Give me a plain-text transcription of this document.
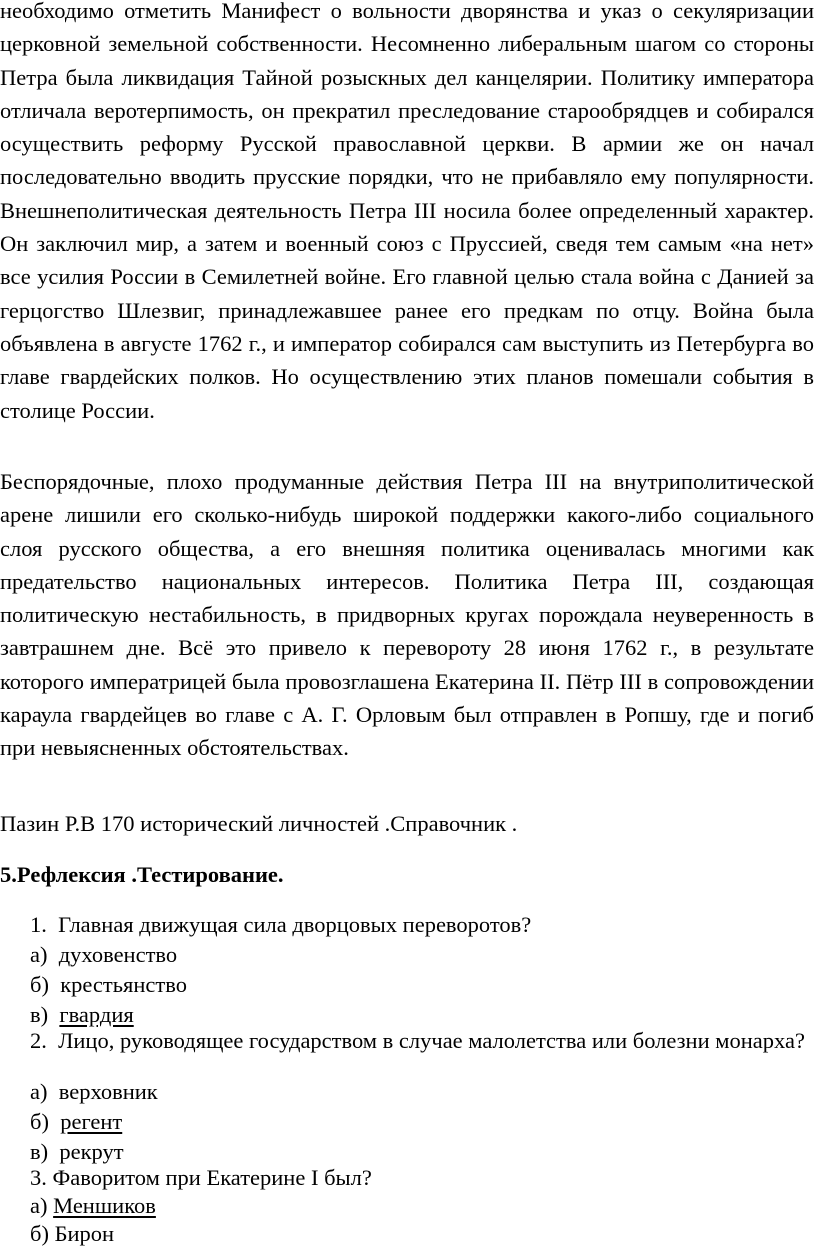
необходимо отметить Манифест о вольности дворянства и указ о секуляризации церковной земельной собственности. Несомненно либеральным шагом со стороны Петра была ликвидация Тайной розыскных дел канцелярии. Политику императора отличала веротерпимость, он прекратил преследование старообрядцев и собирался осуществить реформу Русской православной церкви. В армии же он начал последовательно вводить прусские порядки, что не прибавляло ему популярности. Внешнеполитическая деятельность Петра III носила более определенный характер. Он заключил мир, а затем и военный союз с Пруссией, сведя тем самым «на нет» все усилия России в Семилетней войне. Его главной целью стала война с Данией за герцогство Шлезвиг, принадлежавшее ранее его предкам по отцу. Война была объявлена в августе 1762 г., и император собирался сам выступить из Петербурга во главе гвардейских полков. Но осуществлению этих планов помешали события в столице России.

Беспорядочные, плохо продуманные действия Петра III на внутриполитической арене лишили его сколько-нибудь широкой поддержки какого-либо социального слоя русского общества, а его внешняя политика оценивалась многими как предательство национальных интересов. Политика Петра III, создающая политическую нестабильность, в придворных кругах порождала неуверенность в завтрашнем дне. Всё это привело к перевороту 28 июня 1762 г., в результате которого императрицей была провозглашена Екатерина II. Пётр III в сопровождении караула гвардейцев во главе с А. Г. Орловым был отправлен в Ропшу, где и погиб при невыясненных обстоятельствах.

Пазин Р.В 170 исторический личностей .Справочник .

5.Рефлексия .Тестирование.

1. Главная движущая сила дворцовых переворотов?

а) духовенство

б) крестьянство

в) гвардия

2. Лицо, руководящее государством в случае малолетства или болезни монарха?

а) верховник

б) регент

в) рекрут

3. Фаворитом при Екатерине I был?

а) Меншиков

б) Бирон
